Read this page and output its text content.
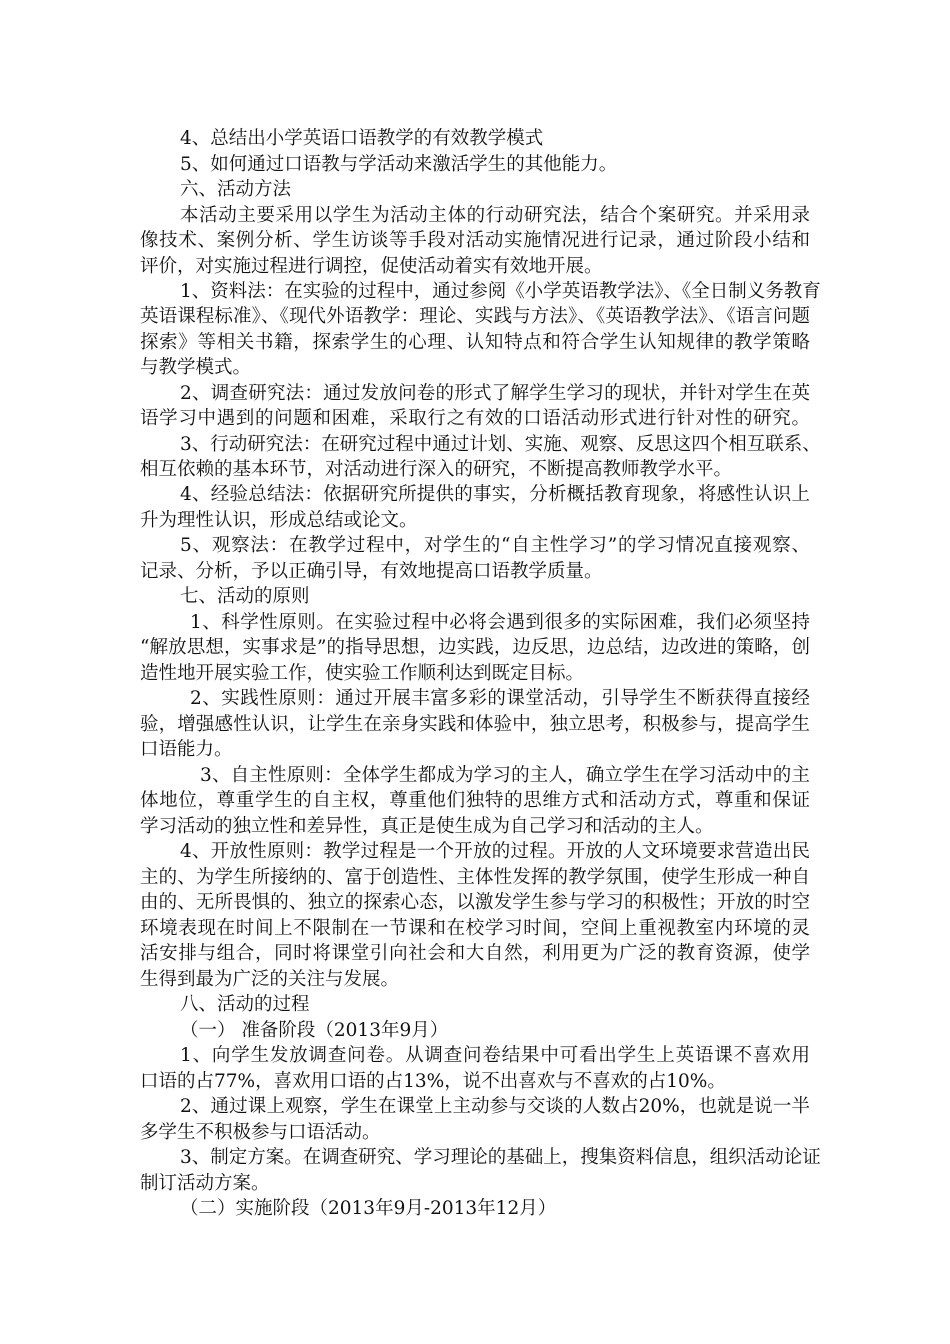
4、总结出小学英语口语教学的有效教学模式
5、如何通过口语教与学活动来激活学生的其他能力。
六、活动方法
本活动主要采用以学生为活动主体的行动研究法，结合个案研究。并采用录
像技术、案例分析、学生访谈等手段对活动实施情况进行记录，通过阶段小结和
评价，对实施过程进行调控，促使活动着实有效地开展。
1、资料法：在实验的过程中，通过参阅《小学英语教学法》、《全日制义务教育
英语课程标准》、《现代外语教学：理论、实践与方法》、《英语教学法》、《语言问题
探索》等相关书籍，探索学生的心理、认知特点和符合学生认知规律的教学策略
与教学模式。
2、调查研究法：通过发放问卷的形式了解学生学习的现状，并针对学生在英
语学习中遇到的问题和困难，采取行之有效的口语活动形式进行针对性的研究。
3、行动研究法：在研究过程中通过计划、实施、观察、反思这四个相互联系、
相互依赖的基本环节，对活动进行深入的研究，不断提高教师教学水平。
4、经验总结法：依据研究所提供的事实，分析概括教育现象，将感性认识上
升为理性认识，形成总结或论文。
5、观察法：在教学过程中，对学生的“自主性学习”的学习情况直接观察、
记录、分析，予以正确引导，有效地提高口语教学质量。
七、活动的原则
1、科学性原则。在实验过程中必将会遇到很多的实际困难，我们必须坚持
“解放思想，实事求是”的指导思想，边实践，边反思，边总结，边改进的策略，创
造性地开展实验工作，使实验工作顺利达到既定目标。
2、实践性原则：通过开展丰富多彩的课堂活动，引导学生不断获得直接经
验，增强感性认识，让学生在亲身实践和体验中，独立思考，积极参与，提高学生
口语能力。
3、自主性原则：全体学生都成为学习的主人，确立学生在学习活动中的主
体地位，尊重学生的自主权，尊重他们独特的思维方式和活动方式，尊重和保证
学习活动的独立性和差异性，真正是使生成为自己学习和活动的主人。
4、开放性原则：教学过程是一个开放的过程。开放的人文环境要求营造出民
主的、为学生所接纳的、富于创造性、主体性发挥的教学氛围，使学生形成一种自
由的、无所畏惧的、独立的探索心态，以激发学生参与学习的积极性；开放的时空
环境表现在时间上不限制在一节课和在校学习时间，空间上重视教室内环境的灵
活安排与组合，同时将课堂引向社会和大自然，利用更为广泛的教育资源，使学
生得到最为广泛的关注与发展。
八、活动的过程
（一） 准备阶段（2013年9月）
1、向学生发放调查问卷。从调查问卷结果中可看出学生上英语课不喜欢用
口语的占77%，喜欢用口语的占13%，说不出喜欢与不喜欢的占10%。
2、通过课上观察，学生在课堂上主动参与交谈的人数占20%，也就是说一半
多学生不积极参与口语活动。
3、制定方案。在调查研究、学习理论的基础上，搜集资料信息，组织活动论证
制订活动方案。
（二）实施阶段（2013年9月-2013年12月）
